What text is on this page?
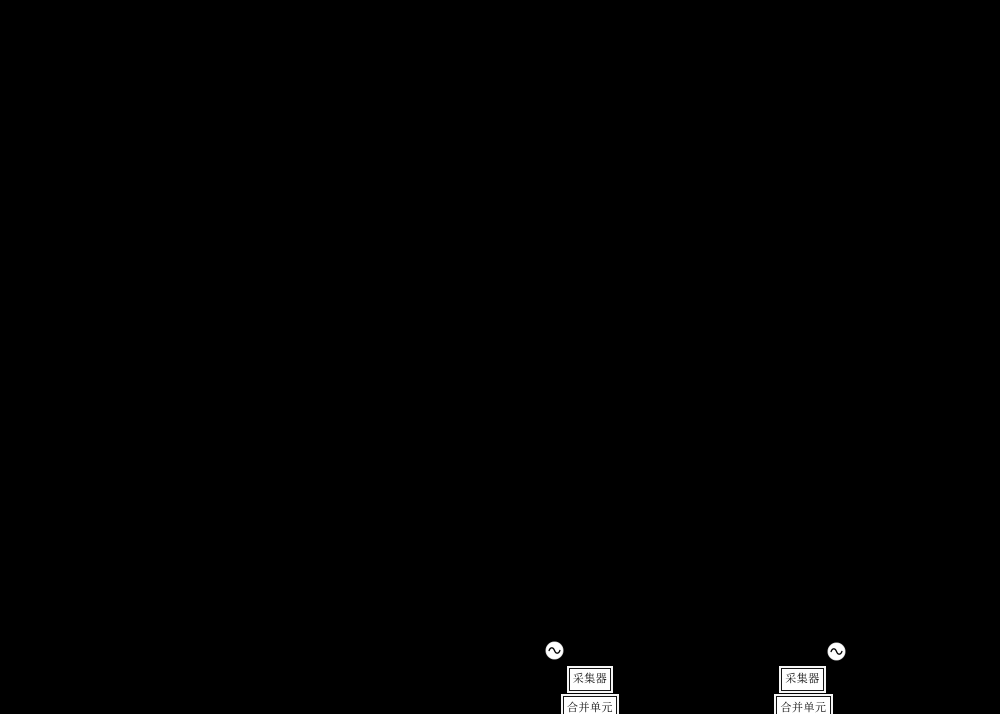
采集器
合并单元
采集器
合并单元
